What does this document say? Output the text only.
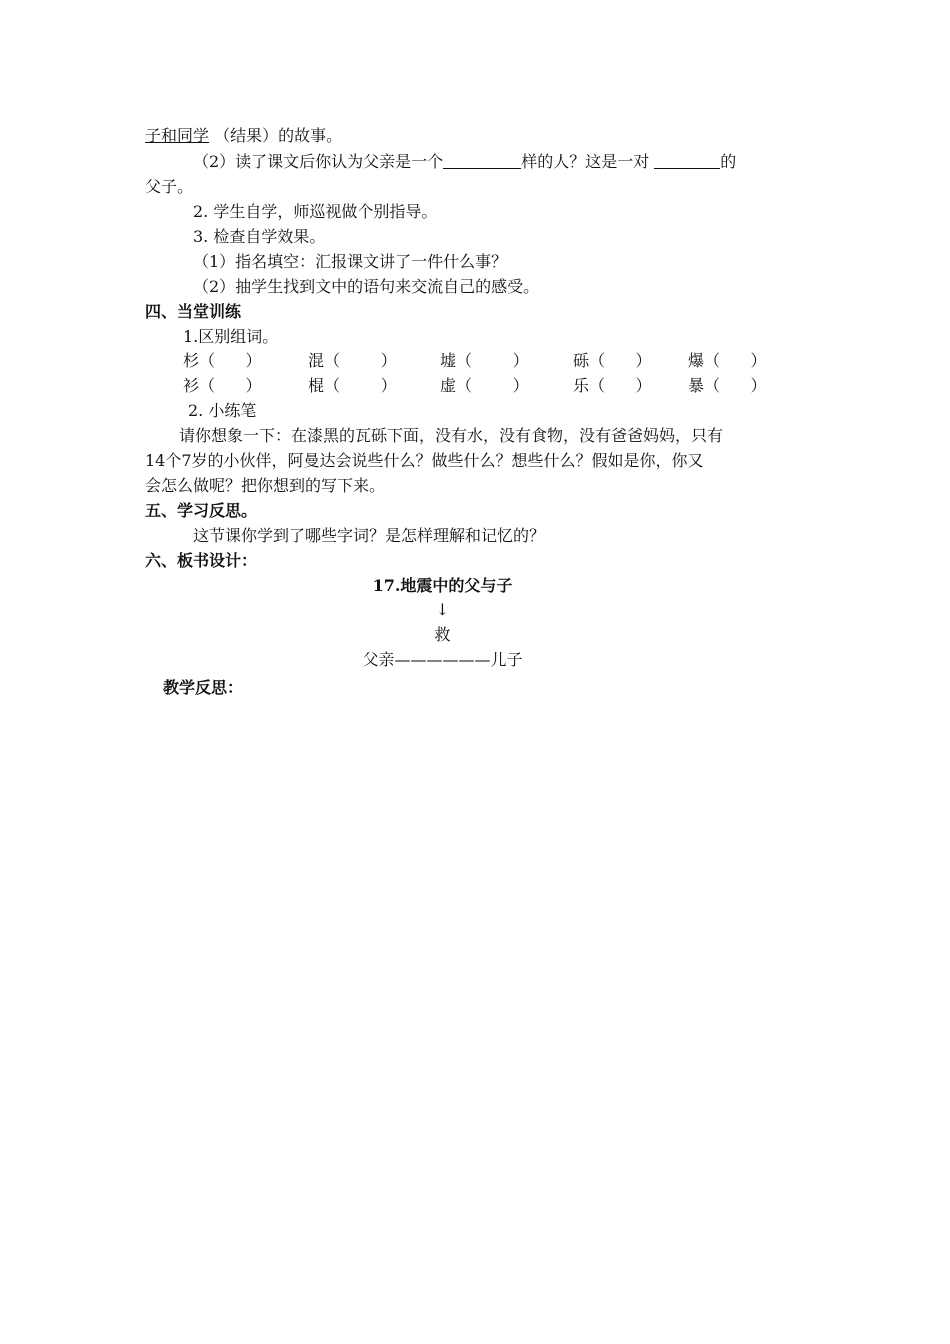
子和同学 （结果）的故事。
（2）读了课文后你认为父亲是一个	样的人？这是一对	的
父子。
2. 学生自学，师巡视做个别指导。
3. 检查自学效果。
（1）指名填空：汇报课文讲了一件什么事？
（2）抽学生找到文中的语句来交流自己的感受。
四、当堂训练
1.区别组词。
杉（      ）	混（        ）	墟（        ）	砾（      ） 爆（      ）
衫（      ）	棍（        ）	虚（        ）	乐（      ） 暴（      ）
2. 小练笔
请你想象一下：在漆黑的瓦砾下面，没有水，没有食物，没有爸爸妈妈，只有
14个7岁的小伙伴，阿曼达会说些什么？做些什么？想些什么？假如是你，你又
会怎么做呢？把你想到的写下来。
五、学习反思。
这节课你学到了哪些字词？是怎样理解和记忆的？
六、板书设计：
17.地震中的父与子
↓
救
父亲——————儿子
教学反思：
